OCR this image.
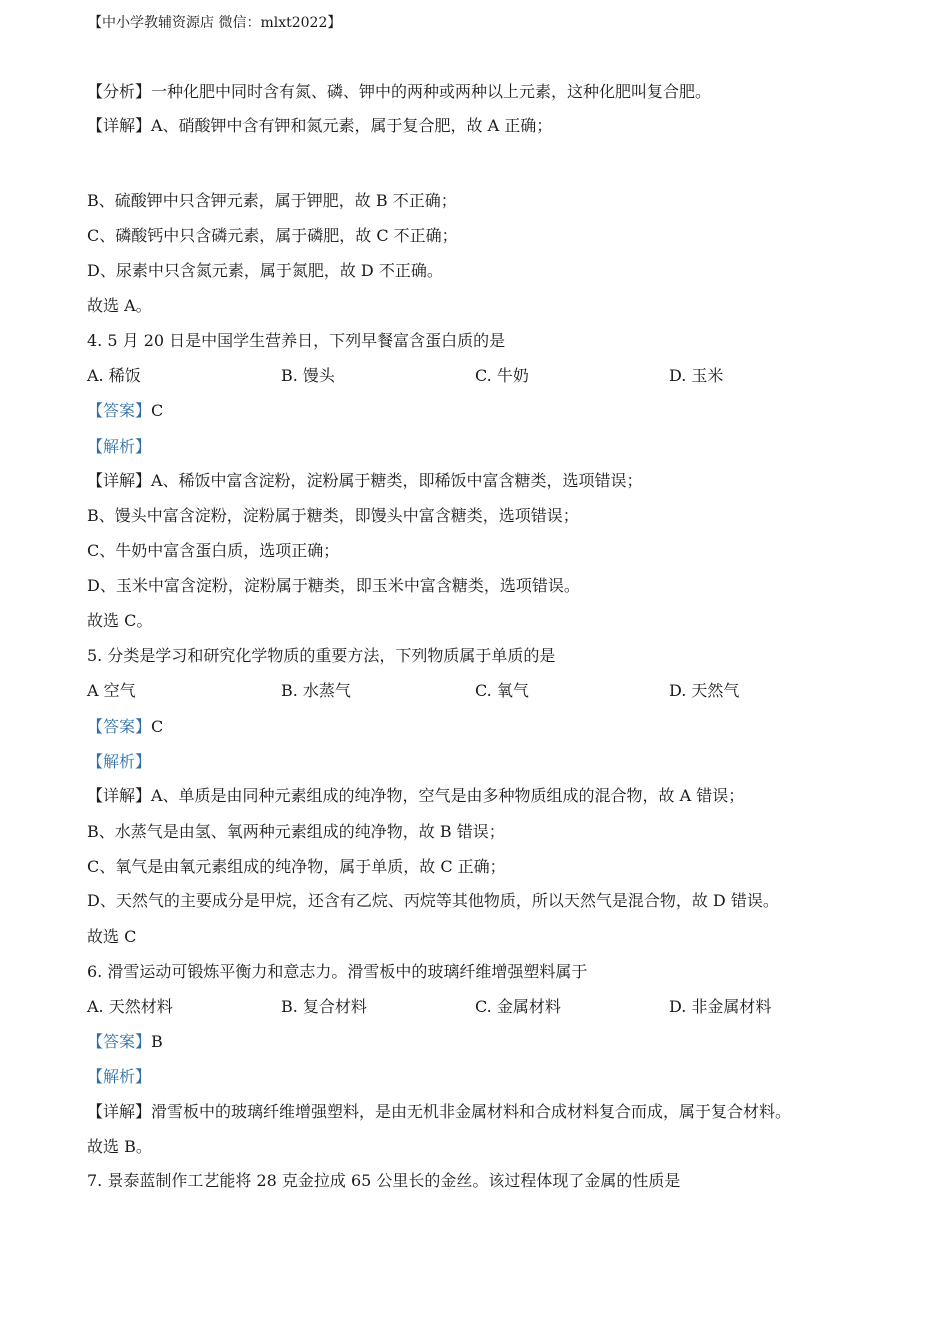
【中小学教辅资源店 微信：mlxt2022】
【分析】一种化肥中同时含有氮、磷、钾中的两种或两种以上元素，这种化肥叫复合肥。
【详解】A、硝酸钾中含有钾和氮元素，属于复合肥，故 A 正确；
B、硫酸钾中只含钾元素，属于钾肥，故 B 不正确；
C、磷酸钙中只含磷元素，属于磷肥，故 C 不正确；
D、尿素中只含氮元素，属于氮肥，故 D 不正确。
故选 A。
4. 5 月 20 日是中国学生营养日，下列早餐富含蛋白质的是
A. 稀饭	B. 馒头	C. 牛奶	D. 玉米
【答案】C
【解析】
【详解】A、稀饭中富含淀粉，淀粉属于糖类，即稀饭中富含糖类，选项错误；
B、馒头中富含淀粉，淀粉属于糖类，即馒头中富含糖类，选项错误；
C、牛奶中富含蛋白质，选项正确；
D、玉米中富含淀粉，淀粉属于糖类，即玉米中富含糖类，选项错误。
故选 C。
5. 分类是学习和研究化学物质的重要方法，下列物质属于单质的是
A 空气	B. 水蒸气	C. 氧气	D. 天然气
【答案】C
【解析】
【详解】A、单质是由同种元素组成的纯净物，空气是由多种物质组成的混合物，故 A 错误；
B、水蒸气是由氢、氧两种元素组成的纯净物，故 B 错误；
C、氧气是由氧元素组成的纯净物，属于单质，故 C 正确；
D、天然气的主要成分是甲烷，还含有乙烷、丙烷等其他物质，所以天然气是混合物，故 D 错误。
故选 C
6. 滑雪运动可锻炼平衡力和意志力。滑雪板中的玻璃纤维增强塑料属于
A. 天然材料	B. 复合材料	C. 金属材料	D. 非金属材料
【答案】B
【解析】
【详解】滑雪板中的玻璃纤维增强塑料，是由无机非金属材料和合成材料复合而成，属于复合材料。
故选 B。
7. 景泰蓝制作工艺能将 28 克金拉成 65 公里长的金丝。该过程体现了金属的性质是
